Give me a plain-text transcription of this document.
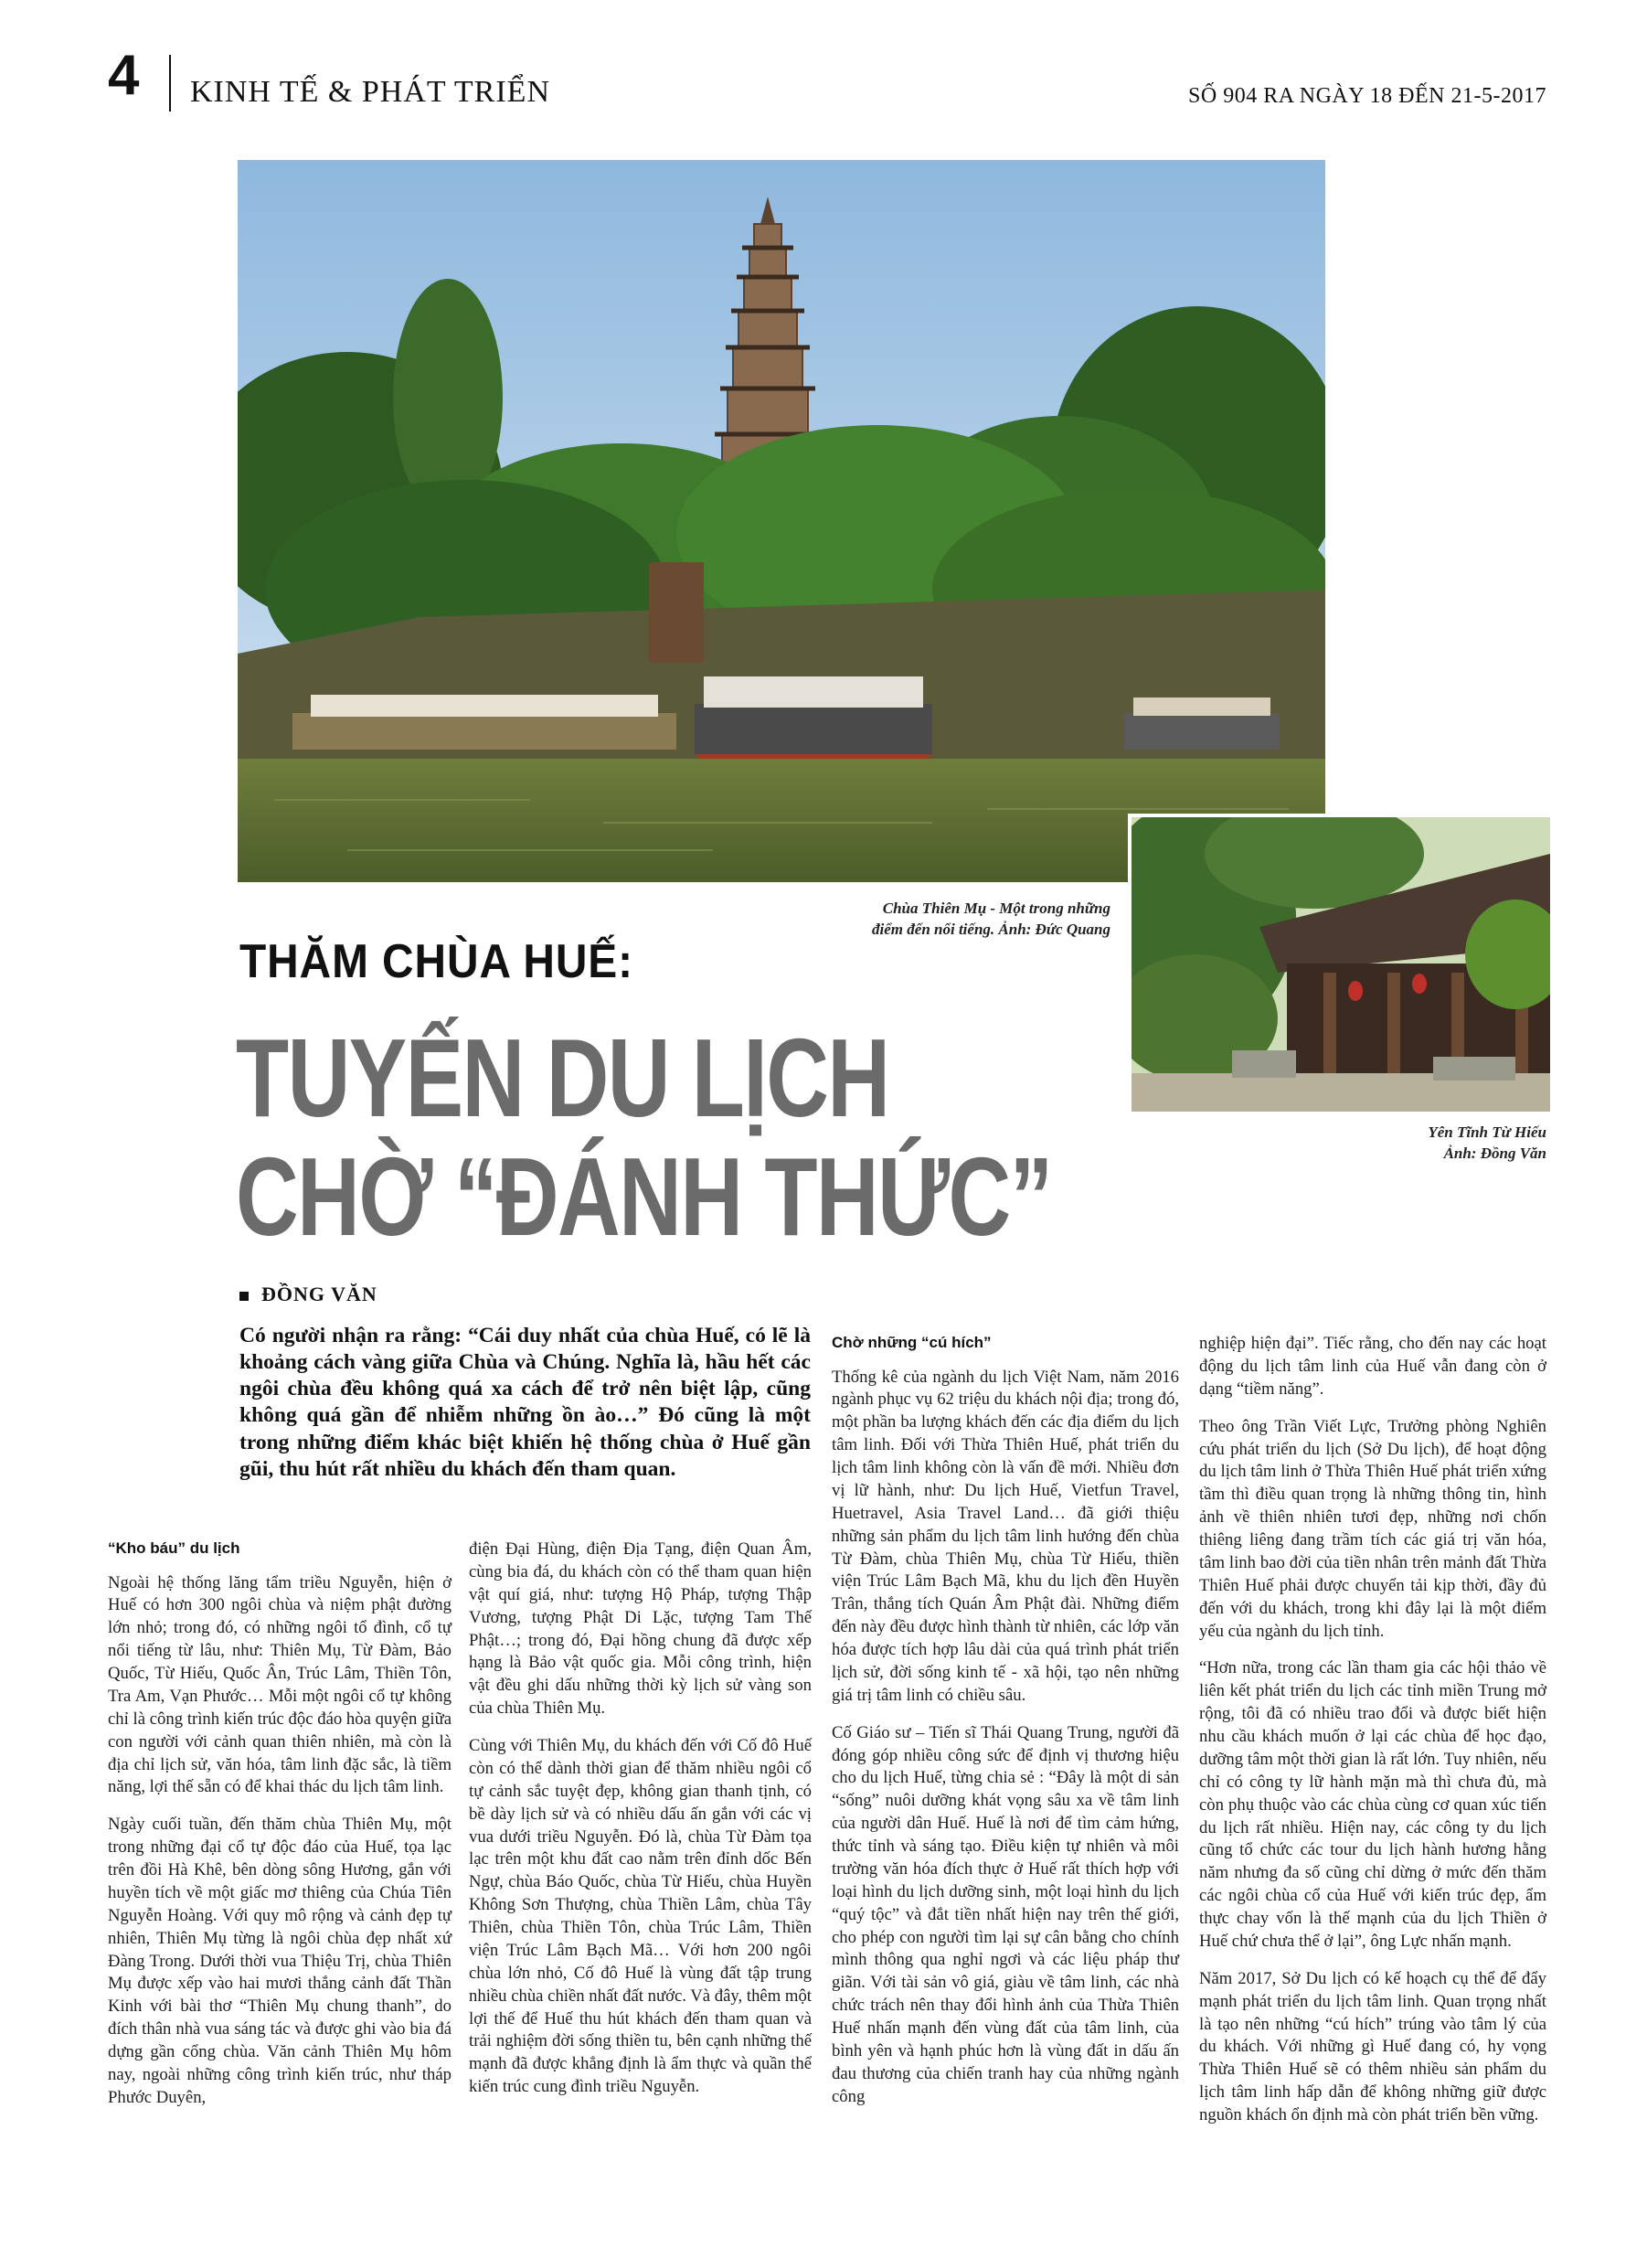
4 KINH TẾ & PHÁT TRIỂN	SỐ 904 RA NGÀY 18 ĐẾN 21-5-2017
Chùa Thiên Mụ - Một trong những
điểm đến nổi tiếng. Ảnh: Đức Quang
Yên Tĩnh Từ Hiếu
Ảnh: Đồng Văn
THĂM CHÙA HUẾ:
TUYẾN DU LỊCH
CHỜ “ĐÁNH THỨC”
ĐỒNG VĂN
Có người nhận ra rằng: “Cái duy nhất của chùa Huế, có lẽ là khoảng cách vàng giữa Chùa và Chúng. Nghĩa là, hầu hết các ngôi chùa đều không quá xa cách để trở nên biệt lập, cũng không quá gần để nhiễm những ồn ào…” Đó cũng là một trong những điểm khác biệt khiến hệ thống chùa ở Huế gần gũi, thu hút rất nhiều du khách đến tham quan.
“Kho báu” du lịch

Ngoài hệ thống lăng tẩm triều Nguyễn, hiện ở Huế có hơn 300 ngôi chùa và niệm phật đường lớn nhỏ; trong đó, có những ngôi tổ đình, cổ tự nổi tiếng từ lâu, như: Thiên Mụ, Từ Đàm, Bảo Quốc, Từ Hiếu, Quốc Ân, Trúc Lâm, Thiền Tôn, Tra Am, Vạn Phước… Mỗi một ngôi cổ tự không chỉ là công trình kiến trúc độc đáo hòa quyện giữa con người với cảnh quan thiên nhiên, mà còn là địa chỉ lịch sử, văn hóa, tâm linh đặc sắc, là tiềm năng, lợi thế sẵn có để khai thác du lịch tâm linh.

Ngày cuối tuần, đến thăm chùa Thiên Mụ, một trong những đại cổ tự độc đáo của Huế, tọa lạc trên đồi Hà Khê, bên dòng sông Hương, gắn với huyền tích về một giấc mơ thiêng của Chúa Tiên Nguyễn Hoàng. Với quy mô rộng và cảnh đẹp tự nhiên, Thiên Mụ từng là ngôi chùa đẹp nhất xứ Đàng Trong. Dưới thời vua Thiệu Trị, chùa Thiên Mụ được xếp vào hai mươi thắng cảnh đất Thần Kinh với bài thơ “Thiên Mụ chung thanh”, do đích thân nhà vua sáng tác và được ghi vào bia đá dựng gần cổng chùa. Văn cảnh Thiên Mụ hôm nay, ngoài những công trình kiến trúc, như tháp Phước Duyên,

điện Đại Hùng, điện Địa Tạng, điện Quan Âm, cùng bia đá, du khách còn có thể tham quan hiện vật quí giá, như: tượng Hộ Pháp, tượng Thập Vương, tượng Phật Di Lặc, tượng Tam Thế Phật…; trong đó, Đại hồng chung đã được xếp hạng là Bảo vật quốc gia. Mỗi công trình, hiện vật đều ghi dấu những thời kỳ lịch sử vàng son của chùa Thiên Mụ.

Cùng với Thiên Mụ, du khách đến với Cố đô Huế còn có thể dành thời gian để thăm nhiều ngôi cổ tự cảnh sắc tuyệt đẹp, không gian thanh tịnh, có bề dày lịch sử và có nhiều dấu ấn gắn với các vị vua dưới triều Nguyễn. Đó là, chùa Từ Đàm tọa lạc trên một khu đất cao nằm trên đỉnh dốc Bến Ngự, chùa Báo Quốc, chùa Từ Hiếu, chùa Huyền Không Sơn Thượng, chùa Thiền Lâm, chùa Tây Thiên, chùa Thiền Tôn, chùa Trúc Lâm, Thiền viện Trúc Lâm Bạch Mã… Với hơn 200 ngôi chùa lớn nhỏ, Cố đô Huế là vùng đất tập trung nhiều chùa chiền nhất đất nước. Và đây, thêm một lợi thế để Huế thu hút khách đến tham quan và trải nghiệm đời sống thiền tu, bên cạnh những thế mạnh đã được khẳng định là ẩm thực và quần thể kiến trúc cung đình triều Nguyễn.

Chờ những “cú hích”

Thống kê của ngành du lịch Việt Nam, năm 2016 ngành phục vụ 62 triệu du khách nội địa; trong đó, một phần ba lượng khách đến các địa điểm du lịch tâm linh. Đối với Thừa Thiên Huế, phát triển du lịch tâm linh không còn là vấn đề mới. Nhiều đơn vị lữ hành, như: Du lịch Huế, Vietfun Travel, Huetravel, Asia Travel Land… đã giới thiệu những sản phẩm du lịch tâm linh hướng đến chùa Từ Đàm, chùa Thiên Mụ, chùa Từ Hiếu, thiền viện Trúc Lâm Bạch Mã, khu du lịch đền Huyền Trân, thắng tích Quán Âm Phật đài. Những điểm đến này đều được hình thành từ nhiên, các lớp văn hóa được tích hợp lâu dài của quá trình phát triển lịch sử, đời sống kinh tế - xã hội, tạo nên những giá trị tâm linh có chiều sâu.

Cố Giáo sư – Tiến sĩ Thái Quang Trung, người đã đóng góp nhiều công sức để định vị thương hiệu cho du lịch Huế, từng chia sẻ : “Đây là một di sản “sống” nuôi dưỡng khát vọng sâu xa về tâm linh của người dân Huế. Huế là nơi để tìm cảm hứng, thức tỉnh và sáng tạo. Điều kiện tự nhiên và môi trường văn hóa đích thực ở Huế rất thích hợp với loại hình du lịch dưỡng sinh, một loại hình du lịch “quý tộc” và đắt tiền nhất hiện nay trên thế giới, cho phép con người tìm lại sự cân bằng cho chính mình thông qua nghỉ ngơi và các liệu pháp thư giãn. Với tài sản vô giá, giàu về tâm linh, các nhà chức trách nên thay đổi hình ảnh của Thừa Thiên Huế nhấn mạnh đến vùng đất của tâm linh, của bình yên và hạnh phúc hơn là vùng đất in dấu ấn đau thương của chiến tranh hay của những ngành công

nghiệp hiện đại”. Tiếc rằng, cho đến nay các hoạt động du lịch tâm linh của Huế vẫn đang còn ở dạng “tiềm năng”.

Theo ông Trần Viết Lực, Trưởng phòng Nghiên cứu phát triển du lịch (Sở Du lịch), để hoạt động du lịch tâm linh ở Thừa Thiên Huế phát triển xứng tầm thì điều quan trọng là những thông tin, hình ảnh về thiên nhiên tươi đẹp, những nơi chốn thiêng liêng đang trầm tích các giá trị văn hóa, tâm linh bao đời của tiền nhân trên mảnh đất Thừa Thiên Huế phải được chuyển tải kịp thời, đầy đủ đến với du khách, trong khi đây lại là một điểm yếu của ngành du lịch tỉnh.

“Hơn nữa, trong các lần tham gia các hội thảo về liên kết phát triển du lịch các tỉnh miền Trung mở rộng, tôi đã có nhiều trao đổi và được biết hiện nhu cầu khách muốn ở lại các chùa để học đạo, dưỡng tâm một thời gian là rất lớn. Tuy nhiên, nếu chỉ có công ty lữ hành mặn mà thì chưa đủ, mà còn phụ thuộc vào các chùa cùng cơ quan xúc tiến du lịch rất nhiều. Hiện nay, các công ty du lịch cũng tổ chức các tour du lịch hành hương hằng năm nhưng đa số cũng chỉ dừng ở mức đến thăm các ngôi chùa cổ của Huế với kiến trúc đẹp, ẩm thực chay vốn là thế mạnh của du lịch Thiền ở Huế chứ chưa thể ở lại”, ông Lực nhấn mạnh.

Năm 2017, Sở Du lịch có kế hoạch cụ thể để đẩy mạnh phát triển du lịch tâm linh. Quan trọng nhất là tạo nên những “cú hích” trúng vào tâm lý của du khách. Với những gì Huế đang có, hy vọng Thừa Thiên Huế sẽ có thêm nhiều sản phẩm du lịch tâm linh hấp dẫn để không những giữ được nguồn khách ổn định mà còn phát triển bền vững.
